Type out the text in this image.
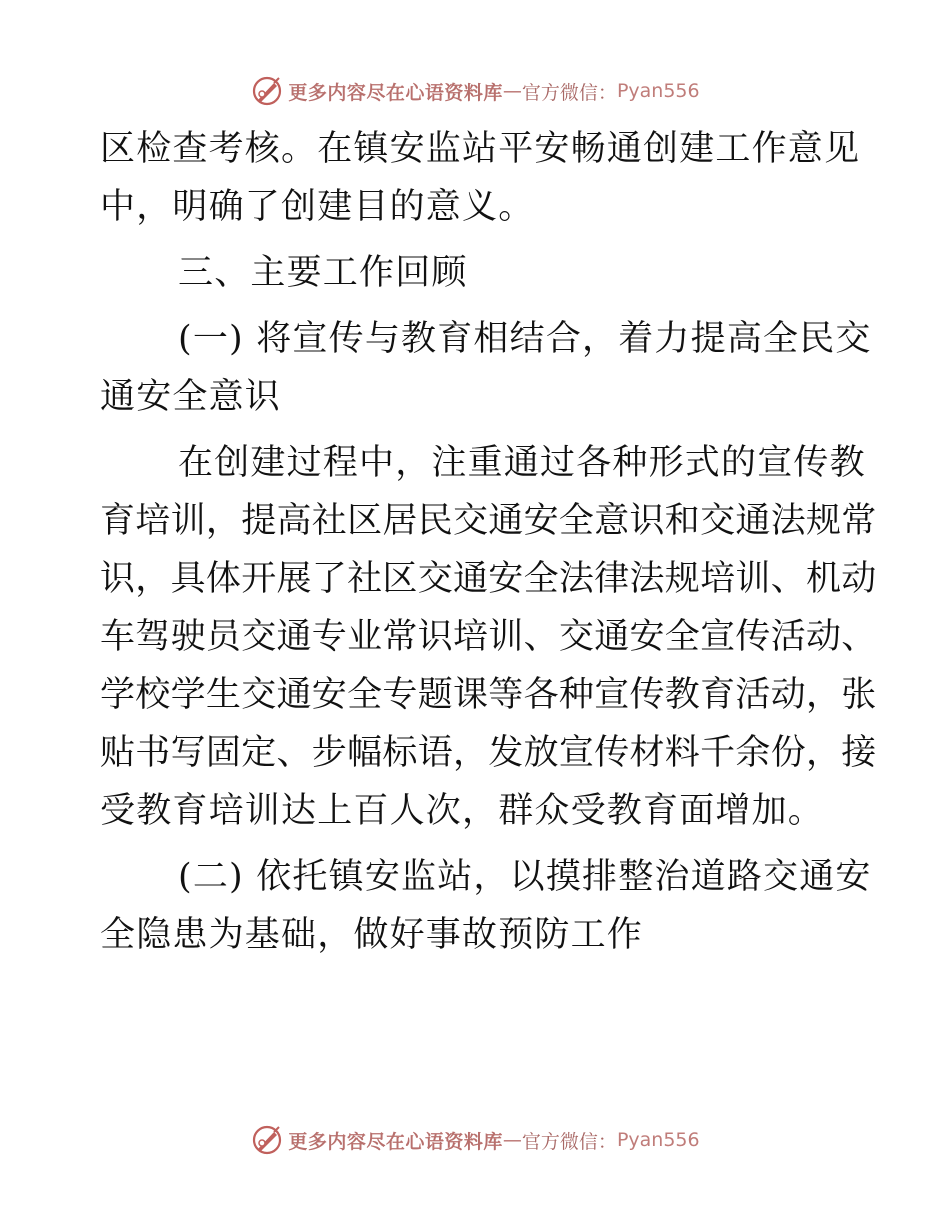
更多内容尽在心语资料库 — 官方微信： Pyan556
区检查考核。在镇安监站平安畅通创建工作意见
中，明确了创建目的意义。
三、主要工作回顾
(一) 将宣传与教育相结合，着力提高全民交
通安全意识
在创建过程中，注重通过各种形式的宣传教
育培训，提高社区居民交通安全意识和交通法规常
识，具体开展了社区交通安全法律法规培训、机动
车驾驶员交通专业常识培训、交通安全宣传活动、
学校学生交通安全专题课等各种宣传教育活动，张
贴书写固定、步幅标语，发放宣传材料千余份，接
受教育培训达上百人次，群众受教育面增加。
(二) 依托镇安监站，以摸排整治道路交通安
全隐患为基础，做好事故预防工作
更多内容尽在心语资料库 — 官方微信： Pyan556
